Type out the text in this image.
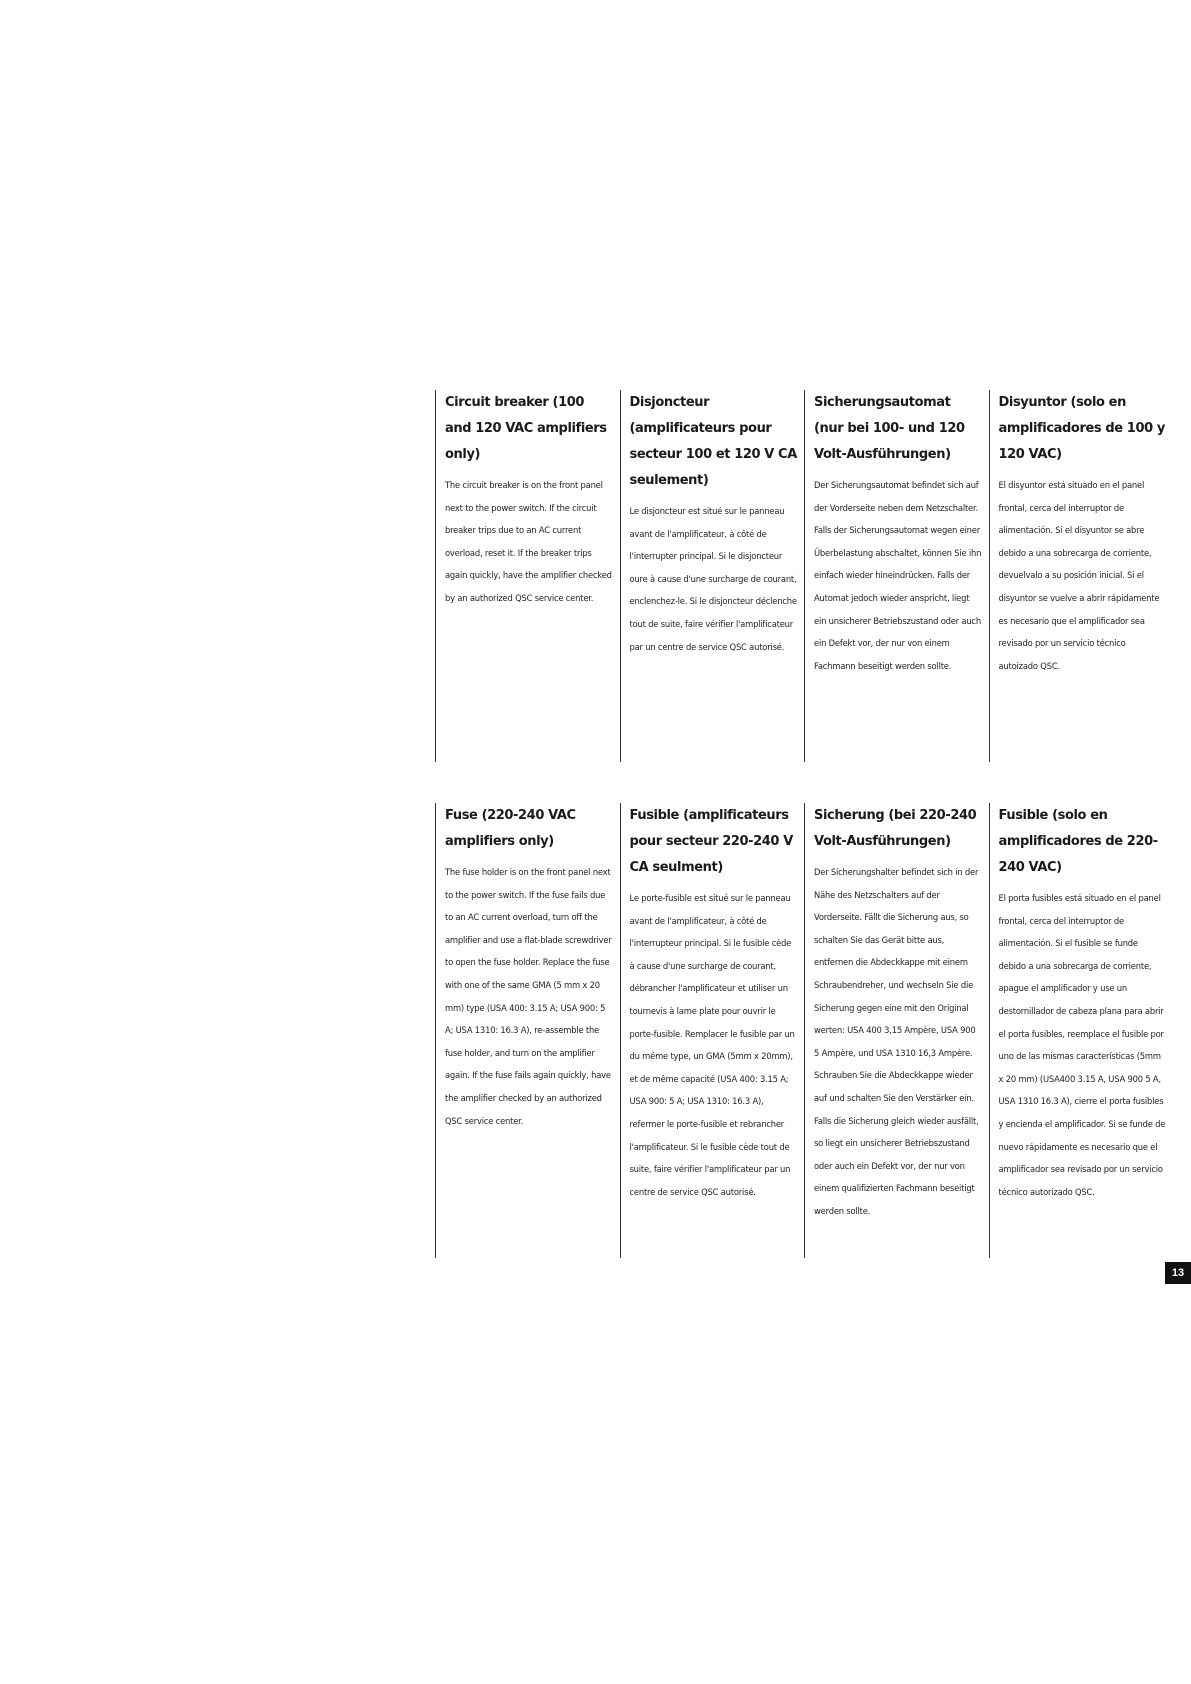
Circuit breaker (100 and 120 VAC amplifiers only)

The circuit breaker is on the front panel next to the power switch. If the circuit breaker trips due to an AC current overload, reset it. If the breaker trips again quickly, have the amplifier checked by an authorized QSC service center.

Disjoncteur (amplificateurs pour secteur 100 et 120 V CA seulement)

Le disjoncteur est situé sur le panneau avant de l'amplificateur, à côté de l'interrupter principal. Si le disjoncteur oure à cause d'une surcharge de courant, enclenchez-le. Si le disjoncteur déclenche tout de suite, faire vérifier l'amplificateur par un centre de service QSC autorisé.

Sicherungsautomat (nur bei 100- und 120 Volt-Ausführungen)

Der Sicherungsautomat befindet sich auf der Vorderseite neben dem Netzschalter. Falls der Sicherungsautomat wegen einer Überbelastung abschaltet, können Sie ihn einfach wieder hineindrücken. Falls der Automat jedoch wieder anspricht, liegt ein unsicherer Betriebszustand oder auch ein Defekt vor, der nur von einem Fachmann beseitigt werden sollte.

Disyuntor (solo en amplificadores de 100 y 120 VAC)

El disyuntor está situado en el panel frontal, cerca del interruptor de alimentación. Si el disyuntor se abre debido a una sobrecarga de corriente, devuelvalo a su posición inicial. Si el disyuntor se vuelve a abrir rápidamente es necesario que el amplificador sea revisado por un servicio técnico autoizado QSC.

Fuse (220-240 VAC amplifiers only)

The fuse holder is on the front panel next to the power switch. If the fuse fails due to an AC current overload, turn off the amplifier and use a flat-blade screwdriver to open the fuse holder. Replace the fuse with one of the same GMA (5 mm x 20 mm) type (USA 400: 3.15 A; USA 900: 5 A; USA 1310: 16.3 A), re-assemble the fuse holder, and turn on the amplifier again. If the fuse fails again quickly, have the amplifier checked by an authorized QSC service center.

Fusible (amplificateurs pour secteur 220-240 V CA seulment)

Le porte-fusible est situé sur le panneau avant de l'amplificateur, à côté de l'interrupteur principal. Si le fusible cède à cause d'une surcharge de courant, débrancher l'amplificateur et utiliser un tournevis à lame plate pour ouvrir le porte-fusible. Remplacer le fusible par un du même type, un GMA (5mm x 20mm), et de même capacité (USA 400: 3.15 A; USA 900: 5 A; USA 1310: 16.3 A), refermer le porte-fusible et rebrancher l'amplificateur. Si le fusible cède tout de suite, faire vérifier l'amplificateur par un centre de service QSC autorisé.

Sicherung (bei 220-240 Volt-Ausführungen)

Der Sicherungshalter befindet sich in der Nähe des Netzschalters auf der Vorderseite. Fällt die Sicherung aus, so schalten Sie das Gerät bitte aus, entfernen die Abdeckkappe mit einem Schraubendreher, und wechseln Sie die Sicherung gegen eine mit den Original werten: USA 400 3,15 Ampère, USA 900 5 Ampère, und USA 1310 16,3 Ampère. Schrauben Sie die Abdeckkappe wieder auf und schalten Sie den Verstärker ein. Falls die Sicherung gleich wieder ausfällt, so liegt ein unsicherer Betriebszustand oder auch ein Defekt vor, der nur von einem qualifizierten Fachmann beseitigt werden sollte.

Fusible (solo en amplificadores de 220-240 VAC)

El porta fusibles está situado en el panel frontal, cerca del interruptor de alimentación. Si el fusible se funde debido a una sobrecarga de corriente, apague el amplificador y use un destornillador de cabeza plana para abrir el porta fusibles, reemplace el fusible por uno de las mismas características (5mm x 20 mm) (USA400 3.15 A, USA 900 5 A, USA 1310 16.3 A), cierre el porta fusibles y encienda el amplificador. Si se funde de nuevo rápidamente es necesario que el amplificador sea revisado por un servicio técnico autorizado QSC.

13
